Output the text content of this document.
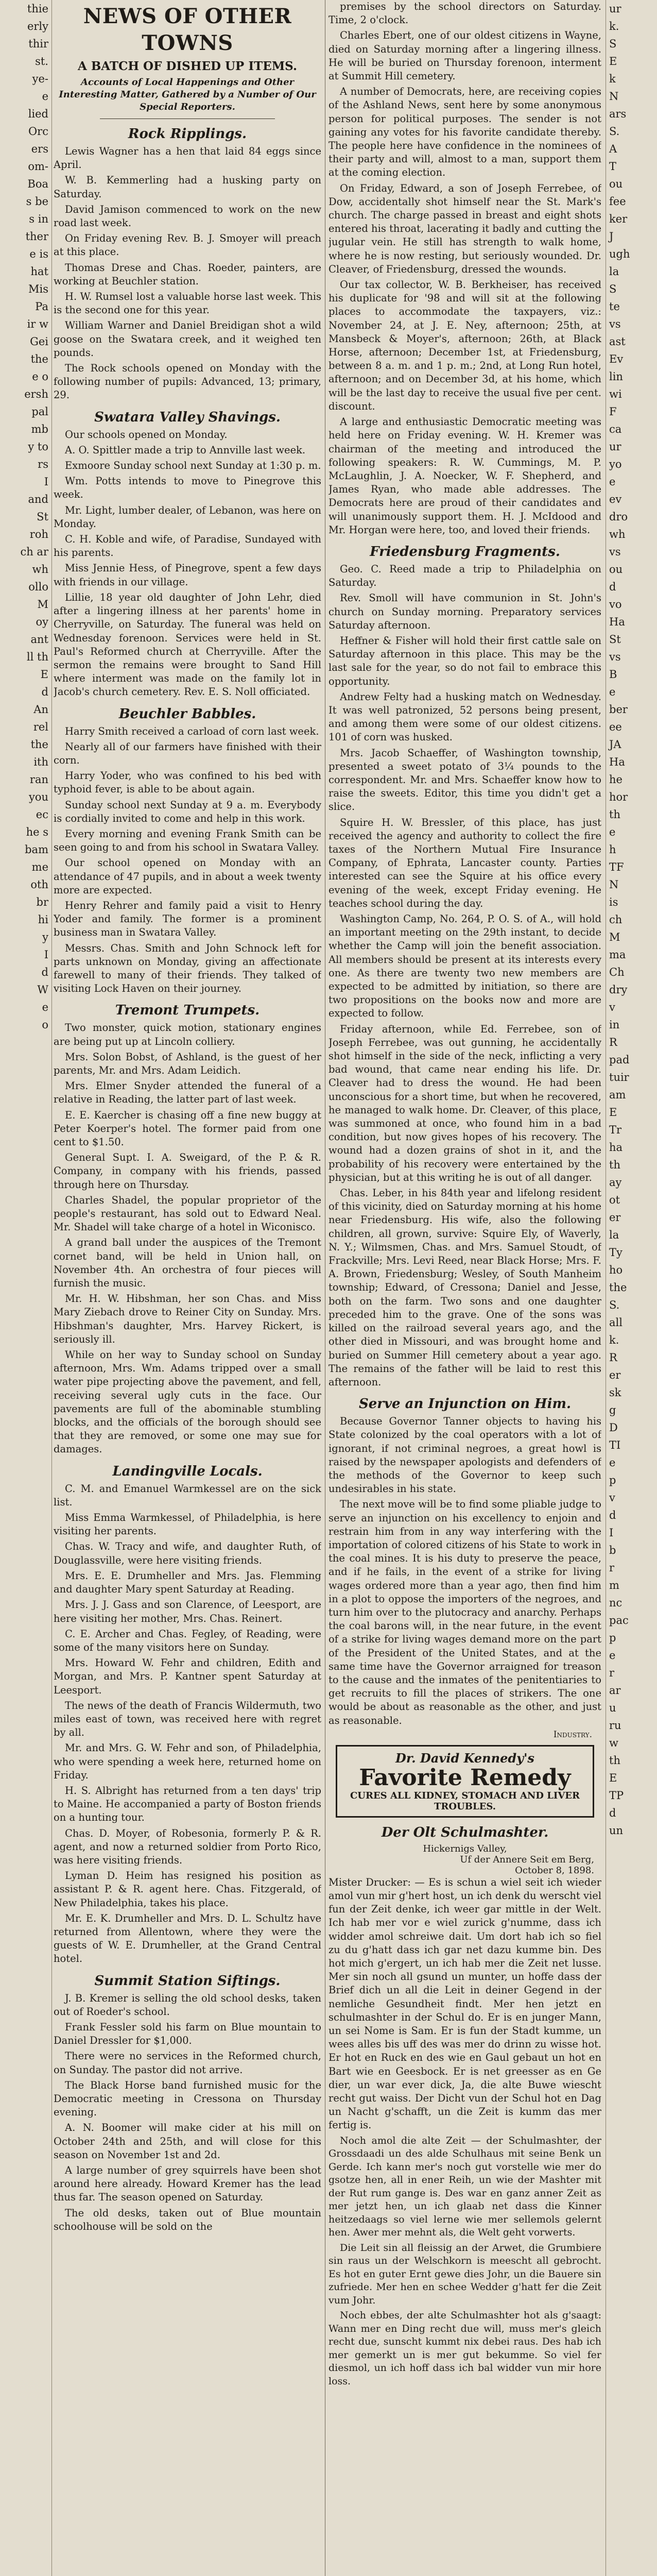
thie
erly
thir
st.
ye-
e
lied
Orc
ers
om-
Boa
s be
s in
ther
e is
hat
Mis
Pa
ir w
Gei
the
e o
ersh
pal
mb
y to
rs
I
and
St
roh
ch ar
wh
ollo
M
oy
ant
ll th
E
d
An
rel
the
ith
ran
you
ec
he s
bam
me
oth
br
hi
y
I
d
W
e
o
NEWS OF OTHER TOWNS
A BATCH OF DISHED UP ITEMS.
Accounts of Local Happenings and Other Interesting Matter, Gathered by a Number of Our Special Reporters.
Rock Ripplings.

Lewis Wagner has a hen that laid 84 eggs since April.

W. B. Kemmerling had a husking party on Saturday.

David Jamison commenced to work on the new road last week.

On Friday evening Rev. B. J. Smoyer will preach at this place.

Thomas Drese and Chas. Roeder, painters, are working at Beuchler station.

H. W. Rumsel lost a valuable horse last week. This is the second one for this year.

William Warner and Daniel Breidigan shot a wild goose on the Swatara creek, and it weighed ten pounds.

The Rock schools opened on Monday with the following number of pupils: Advanced, 13; primary, 29.

Swatara Valley Shavings.

Our schools opened on Monday.

A. O. Spittler made a trip to Annville last week.

Exmoore Sunday school next Sunday at 1:30 p. m.

Wm. Potts intends to move to Pinegrove this week.

Mr. Light, lumber dealer, of Lebanon, was here on Monday.

C. H. Koble and wife, of Paradise, Sundayed with his parents.

Miss Jennie Hess, of Pinegrove, spent a few days with friends in our village.

Lillie, 18 year old daughter of John Lehr, died after a lingering illness at her parents' home in Cherryville, on Saturday. The funeral was held on Wednesday forenoon. Services were held in St. Paul's Reformed church at Cherryville. After the sermon the remains were brought to Sand Hill where interment was made on the family lot in Jacob's church cemetery. Rev. E. S. Noll officiated.

Beuchler Babbles.

Harry Smith received a carload of corn last week.

Nearly all of our farmers have finished with their corn.

Harry Yoder, who was confined to his bed with typhoid fever, is able to be about again.

Sunday school next Sunday at 9 a. m. Everybody is cordially invited to come and help in this work.

Every morning and evening Frank Smith can be seen going to and from his school in Swatara Valley.

Our school opened on Monday with an attendance of 47 pupils, and in about a week twenty more are expected.

Henry Rehrer and family paid a visit to Henry Yoder and family. The former is a prominent business man in Swatara Valley.

Messrs. Chas. Smith and John Schnock left for parts unknown on Monday, giving an affectionate farewell to many of their friends. They talked of visiting Lock Haven on their journey.

Tremont Trumpets.

Two monster, quick motion, stationary engines are being put up at Lincoln colliery.

Mrs. Solon Bobst, of Ashland, is the guest of her parents, Mr. and Mrs. Adam Leidich.

Mrs. Elmer Snyder attended the funeral of a relative in Reading, the latter part of last week.

E. E. Kaercher is chasing off a fine new buggy at Peter Koerper's hotel. The former paid from one cent to $1.50.

General Supt. I. A. Sweigard, of the P. & R. Company, in company with his friends, passed through here on Thursday.

Charles Shadel, the popular proprietor of the people's restaurant, has sold out to Edward Neal. Mr. Shadel will take charge of a hotel in Wiconisco.

A grand ball under the auspices of the Tremont cornet band, will be held in Union hall, on November 4th. An orchestra of four pieces will furnish the music.

Mr. H. W. Hibshman, her son Chas. and Miss Mary Ziebach drove to Reiner City on Sunday. Mrs. Hibshman's daughter, Mrs. Harvey Rickert, is seriously ill.

While on her way to Sunday school on Sunday afternoon, Mrs. Wm. Adams tripped over a small water pipe projecting above the pavement, and fell, receiving several ugly cuts in the face. Our pavements are full of the abominable stumbling blocks, and the officials of the borough should see that they are removed, or some one may sue for damages.

Landingville Locals.

C. M. and Emanuel Warmkessel are on the sick list.

Miss Emma Warmkessel, of Philadelphia, is here visiting her parents.

Chas. W. Tracy and wife, and daughter Ruth, of Douglassville, were here visiting friends.

Mrs. E. E. Drumheller and Mrs. Jas. Flemming and daughter Mary spent Saturday at Reading.

Mrs. J. J. Gass and son Clarence, of Leesport, are here visiting her mother, Mrs. Chas. Reinert.

C. E. Archer and Chas. Fegley, of Reading, were some of the many visitors here on Sunday.

Mrs. Howard W. Fehr and children, Edith and Morgan, and Mrs. P. Kantner spent Saturday at Leesport.

The news of the death of Francis Wildermuth, two miles east of town, was received here with regret by all.

Mr. and Mrs. G. W. Fehr and son, of Philadelphia, who were spending a week here, returned home on Friday.

H. S. Albright has returned from a ten days' trip to Maine. He accompanied a party of Boston friends on a hunting tour.

Chas. D. Moyer, of Robesonia, formerly P. & R. agent, and now a returned soldier from Porto Rico, was here visiting friends.

Lyman D. Heim has resigned his position as assistant P. & R. agent here. Chas. Fitzgerald, of New Philadelphia, takes his place.

Mr. E. K. Drumheller and Mrs. D. L. Schultz have returned from Allentown, where they were the guests of W. E. Drumheller, at the Grand Central hotel.

Summit Station Siftings.

J. B. Kremer is selling the old school desks, taken out of Roeder's school.

Frank Fessler sold his farm on Blue mountain to Daniel Dressler for $1,000.

There were no services in the Reformed church, on Sunday. The pastor did not arrive.

The Black Horse band furnished music for the Democratic meeting in Cressona on Thursday evening.

A. N. Boomer will make cider at his mill on October 24th and 25th, and will close for this season on November 1st and 2d.

A large number of grey squirrels have been shot around here already. Howard Kremer has the lead thus far. The season opened on Saturday.

The old desks, taken out of Blue mountain schoolhouse will be sold on the

premises by the school directors on Saturday. Time, 2 o'clock.

Charles Ebert, one of our oldest citizens in Wayne, died on Saturday morning after a lingering illness. He will be buried on Thursday forenoon, interment at Summit Hill cemetery.

A number of Democrats, here, are receiving copies of the Ashland News, sent here by some anonymous person for political purposes. The sender is not gaining any votes for his favorite candidate thereby. The people here have confidence in the nominees of their party and will, almost to a man, support them at the coming election.

On Friday, Edward, a son of Joseph Ferrebee, of Dow, accidentally shot himself near the St. Mark's church. The charge passed in breast and eight shots entered his throat, lacerating it badly and cutting the jugular vein. He still has strength to walk home, where he is now resting, but seriously wounded. Dr. Cleaver, of Friedensburg, dressed the wounds.

Our tax collector, W. B. Berkheiser, has received his duplicate for '98 and will sit at the following places to accommodate the taxpayers, viz.: November 24, at J. E. Ney, afternoon; 25th, at Mansbeck & Moyer's, afternoon; 26th, at Black Horse, afternoon; December 1st, at Friedensburg, between 8 a. m. and 1 p. m.; 2nd, at Long Run hotel, afternoon; and on December 3d, at his home, which will be the last day to receive the usual five per cent. discount.

A large and enthusiastic Democratic meeting was held here on Friday evening. W. H. Kremer was chairman of the meeting and introduced the following speakers: R. W. Cummings, M. P. McLaughlin, J. A. Noecker, W. F. Shepherd, and James Ryan, who made able addresses. The Democrats here are proud of their candidates and will unanimously support them. H. J. McIdood and Mr. Horgan were here, too, and loved their friends.

Friedensburg Fragments.

Geo. C. Reed made a trip to Philadelphia on Saturday.

Rev. Smoll will have communion in St. John's church on Sunday morning. Preparatory services Saturday afternoon.

Heffner & Fisher will hold their first cattle sale on Saturday afternoon in this place. This may be the last sale for the year, so do not fail to embrace this opportunity.

Andrew Felty had a husking match on Wednesday. It was well patronized, 52 persons being present, and among them were some of our oldest citizens. 101 of corn was husked.

Mrs. Jacob Schaeffer, of Washington township, presented a sweet potato of 3¼ pounds to the correspondent. Mr. and Mrs. Schaeffer know how to raise the sweets. Editor, this time you didn't get a slice.

Squire H. W. Bressler, of this place, has just received the agency and authority to collect the fire taxes of the Northern Mutual Fire Insurance Company, of Ephrata, Lancaster county. Parties interested can see the Squire at his office every evening of the week, except Friday evening. He teaches school during the day.

Washington Camp, No. 264, P. O. S. of A., will hold an important meeting on the 29th instant, to decide whether the Camp will join the benefit association. All members should be present at its interests every one. As there are twenty two new members are expected to be admitted by initiation, so there are two propositions on the books now and more are expected to follow.

Friday afternoon, while Ed. Ferrebee, son of Joseph Ferrebee, was out gunning, he accidentally shot himself in the side of the neck, inflicting a very bad wound, that came near ending his life. Dr. Cleaver had to dress the wound. He had been unconscious for a short time, but when he recovered, he managed to walk home. Dr. Cleaver, of this place, was summoned at once, who found him in a bad condition, but now gives hopes of his recovery. The wound had a dozen grains of shot in it, and the probability of his recovery were entertained by the physician, but at this writing he is out of all danger.

Chas. Leber, in his 84th year and lifelong resident of this vicinity, died on Saturday morning at his home near Friedensburg. His wife, also the following children, all grown, survive: Squire Ely, of Waverly, N. Y.; Wilmsmen, Chas. and Mrs. Samuel Stoudt, of Frackville; Mrs. Levi Reed, near Black Horse; Mrs. F. A. Brown, Friedensburg; Wesley, of South Manheim township; Edward, of Cressona; Daniel and Jesse, both on the farm. Two sons and one daughter preceded him to the grave. One of the sons was killed on the railroad several years ago, and the other died in Missouri, and was brought home and buried on Summer Hill cemetery about a year ago. The remains of the father will be laid to rest this afternoon.

Serve an Injunction on Him.

Because Governor Tanner objects to having his State colonized by the coal operators with a lot of ignorant, if not criminal negroes, a great howl is raised by the newspaper apologists and defenders of the methods of the Governor to keep such undesirables in his state.

The next move will be to find some pliable judge to serve an injunction on his excellency to enjoin and restrain him from in any way interfering with the importation of colored citizens of his State to work in the coal mines. It is his duty to preserve the peace, and if he fails, in the event of a strike for living wages ordered more than a year ago, then find him in a plot to oppose the importers of the negroes, and turn him over to the plutocracy and anarchy. Perhaps the coal barons will, in the near future, in the event of a strike for living wages demand more on the part of the President of the United States, and at the same time have the Governor arraigned for treason to the cause and the inmates of the penitentiaries to get recruits to fill the places of strikers. The one would be about as reasonable as the other, and just as reasonable.

Industry.
Dr. David Kennedy's
Favorite Remedy
CURES ALL KIDNEY, STOMACH AND LIVER TROUBLES.
Der Olt Schulmashter.
Hickernigs Valley,
Uf der Annere Seit em Berg,
October 8, 1898.

Mister Drucker: — Es is schun a wiel seit ich wieder amol vun mir g'hert host, un ich denk du werscht viel fun der Zeit denke, ich weer gar mittle in der Welt. Ich hab mer vor e wiel zurick g'numme, dass ich widder amol schreiwe dait. Um dort hab ich so fiel zu du g'hatt dass ich gar net dazu kumme bin. Des hot mich g'ergert, un ich hab mer die Zeit net lusse. Mer sin noch all gsund un munter, un hoffe dass der Brief dich un all die Leit in deiner Gegend in der nemliche Gesundheit findt. Mer hen jetzt en schulmashter in der Schul do. Er is en junger Mann, un sei Nome is Sam. Er is fun der Stadt kumme, un wees alles bis uff des was mer do drinn zu wisse hot. Er hot en Ruck en des wie en Gaul gebaut un hot en Bart wie en Geesbock. Er is net greesser as en Ge dier, un war ever dick, Ja, die alte Buwe wiescht recht gut waiss. Der Dicht vun der Schul hot en Dag un Nacht g'schafft, un die Zeit is kumm das mer fertig is.

Noch amol die alte Zeit — der Schulmashter, der Grossdaadi un des alde Schulhaus mit seine Benk un Gerde. Ich kann mer's noch gut vorstelle wie mer do gsotze hen, all in ener Reih, un wie der Mashter mit der Rut rum gange is. Des war en ganz anner Zeit as mer jetzt hen, un ich glaab net dass die Kinner heitzedaags so viel lerne wie mer sellemols gelernt hen. Awer mer mehnt als, die Welt geht vorwerts.

Die Leit sin all fleissig an der Arwet, die Grumbiere sin raus un der Welschkorn is meescht all gebrocht. Es hot en guter Ernt gewe dies Johr, un die Bauere sin zufriede. Mer hen en schee Wedder g'hatt fer die Zeit vum Johr.

Noch ebbes, der alte Schulmashter hot als g'saagt: Wann mer en Ding recht due will, muss mer's gleich recht due, sunscht kummt nix debei raus. Des hab ich mer gemerkt un is mer gut bekumme. So viel fer diesmol, un ich hoff dass ich bal widder vun mir hore loss.

ur
k.
S
E
k
N
ars
S.
A
T
ou
fee
ker
J
ugh
la
S
te
vs
ast
Ev
lin
wi
F
ca
ur
yo
e
ev
dro
wh
vs
ou
d
vo
Ha
St
vs
B
e
ber
ee
JA
Ha
he
hor
th
e
h
TF
N
is
ch
M
ma
Ch
dry
v
in
R
pad
tuir
am
E
Tr
ha
th
ay
ot
er
la
Ty
ho
the
S.
all
k.
R
er
sk
g
D
TI
e
p
v
d
I
b
r
m
nc
pac
p
e
r
ar
u
ru
w
th
E
TP
d
un
